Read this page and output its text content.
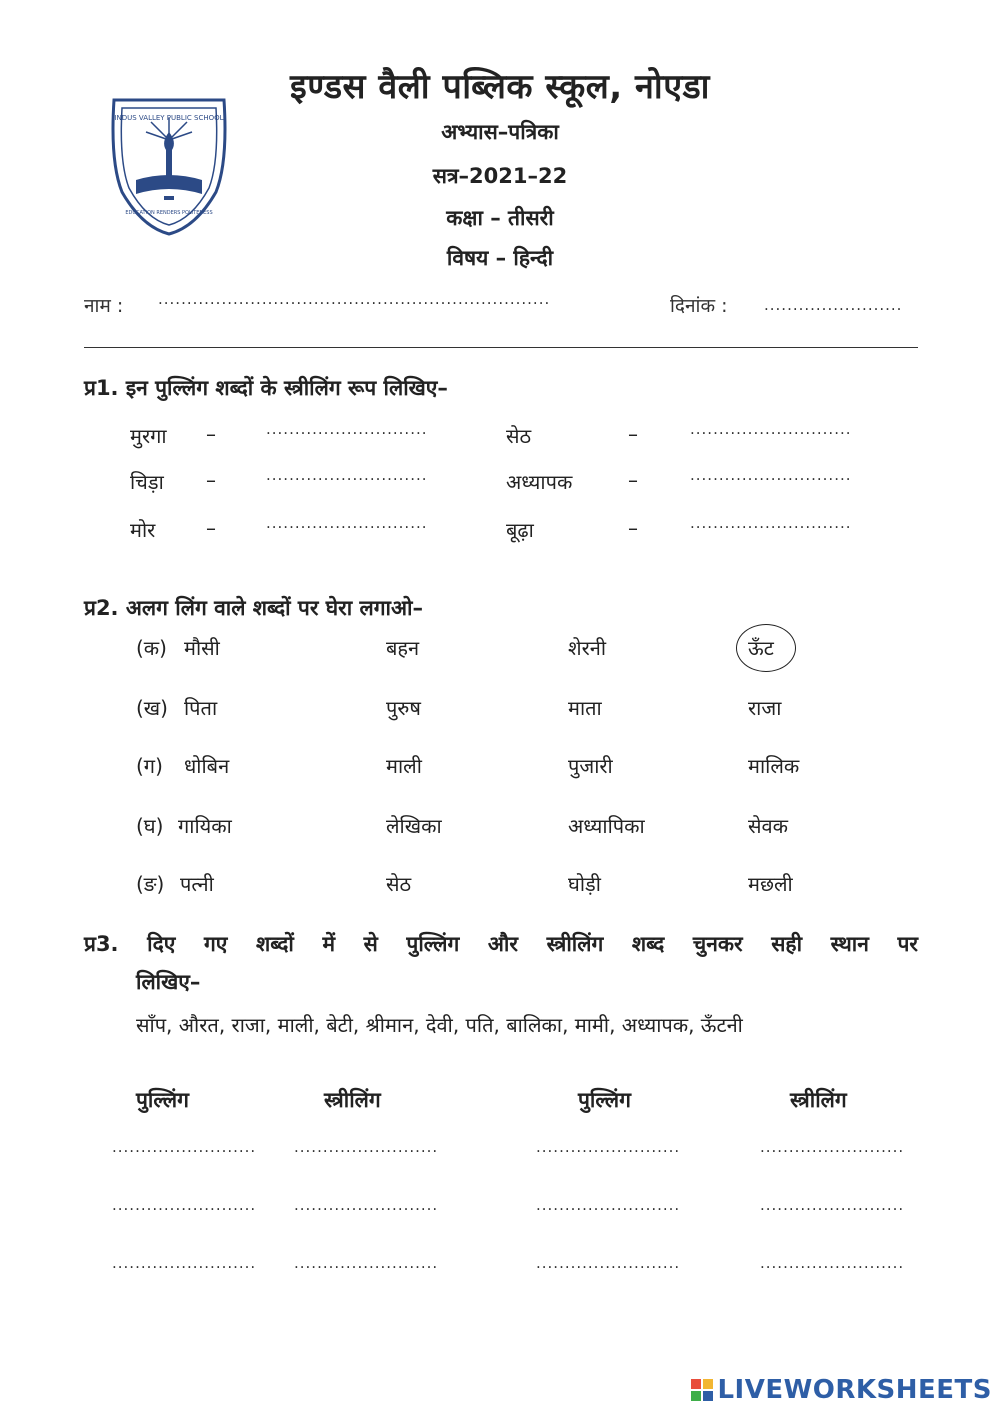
INDUS VALLEY PUBLIC SCHOOL
EDUCATION RENDERS POLITENESS
इण्डस वैली पब्लिक स्कूल, नोएडा
अभ्यास–पत्रिका
सत्र–2021–22
कक्षा – तीसरी
विषय – हिन्दी
नाम : ....................................................................	दिनांक : ........................
प्र1. इन पुल्लिंग शब्दों के स्त्रीलिंग रूप लिखिए–
मुरगा –	............................	सेठ	–	............................
चिड़ा –	............................	अध्यापक	–	............................
मोर	–	............................	बूढ़ा	–	............................
प्र2. अलग लिंग वाले शब्दों पर घेरा लगाओ–
(क) मौसी	बहन	शेरनी	ऊँट
(ख) पिता	पुरुष	माता	राजा
(ग) धोबिन	माली	पुजारी	मालिक
(घ) गायिका	लेखिका	अध्यापिका	सेवक
(ङ) पत्नी	सेठ	घोड़ी	मछली
प्र3. दिए गए शब्दों में से पुल्लिंग और स्त्रीलिंग शब्द चुनकर सही स्थान पर
लिखिए–
साँप, औरत, राजा, माली, बेटी, श्रीमान, देवी, पति, बालिका, मामी, अध्यापक, ऊँटनी
पुल्लिंग	स्त्रीलिंग	पुल्लिंग	स्त्रीलिंग
.........................	.........................	.........................	.........................
.........................	.........................	.........................	.........................
.........................	.........................	.........................	.........................
LIVEWORKSHEETS
